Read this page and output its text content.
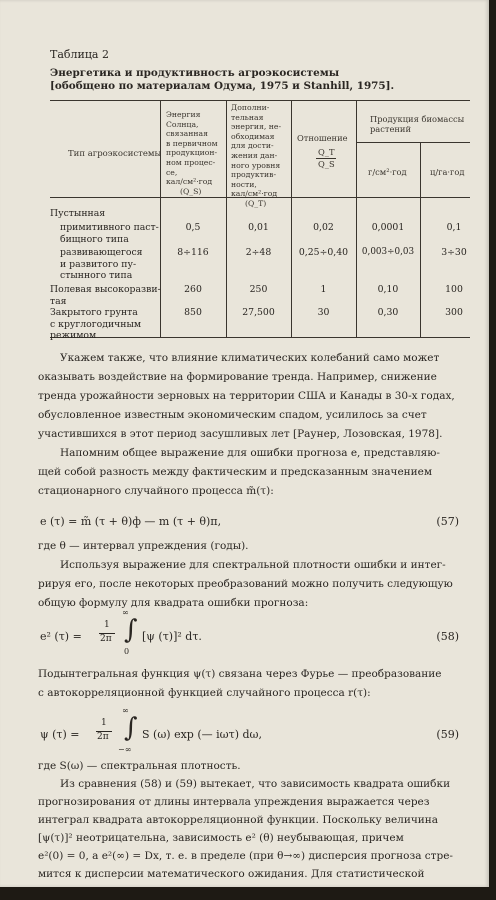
Таблица 2
Энергетика и продуктивность агроэкосистемы
[обобщено по материалам Одума, 1975 и Stanhill, 1975].
Тип агроэкосистемы
Энергия
Солнца,
связанная
в первичном
продукцион-
ном процес-
се,
кал/см²·год
(Q_S)
Дополни-
тельная
энергия, не-
обходимая
для дости-
жения дан-
ного уровня
продуктив-
ности,
кал/см²·год
(Q_T)
Отношение
Q_T
Q_S
Продукция биомассы
растений
г/см²·год	ц/га·год
Пустынная
примитивного паст-
бищного типа
0,5	0,01	0,02	0,0001	0,1
развивающегося
и развитого пу-
стынного типа
8÷116	2÷48	0,25÷0,40	0,003÷0,03	3÷30
Полевая высокоразви-
тая
260	250	1	0,10	100
Закрытого грунта
с круглогодичным
режимом
850	27,500	30	0,30	300
Укажем также, что влияние климатических колебаний само может
оказывать воздействие на формирование тренда. Например, снижение
тренда урожайности зерновых на территории США и Канады в 30-х годах,
обусловленное известным экономическим спадом, усилилось за счет
участившихся в этот период засушливых лет [Раунер, Лозовская, 1978].
Напомним общее выражение для ошибки прогноза e, представляю-
щей собой разность между фактическим и предсказанным значением
стационарного случайного процесса m̃(τ):
e (τ) = m̃ (τ + θ)ф — m (τ + θ)п,	(57)
где θ — интервал упреждения (годы).
Используя выражение для спектральной плотности ошибки и интег-
рируя его, после некоторых преобразований можно получить следующую
общую формулу для квадрата ошибки прогноза:
e² (τ) =
1
2π
∞
∫
0
[ψ (τ)]² dτ.	(58)
Подынтегральная функция ψ(τ) связана через Фурье — преобразование
с автокорреляционной функцией случайного процесса r(τ):
ψ (τ) =
1
2π
∞
∫
−∞
S (ω) exp (— iωτ) dω,	(59)
где S(ω) — спектральная плотность.
Из сравнения (58) и (59) вытекает, что зависимость квадрата ошибки
прогнозирования от длины интервала упреждения выражается через
интеграл квадрата автокорреляционной функции. Поскольку величина
[ψ(τ)]² неотрицательна, зависимость e² (θ) неубывающая, причем
e²(0) = 0, а e²(∞) = Dx, т. е. в пределе (при θ→∞) дисперсия прогноза стре-
мится к дисперсии математического ожидания. Для статистической
